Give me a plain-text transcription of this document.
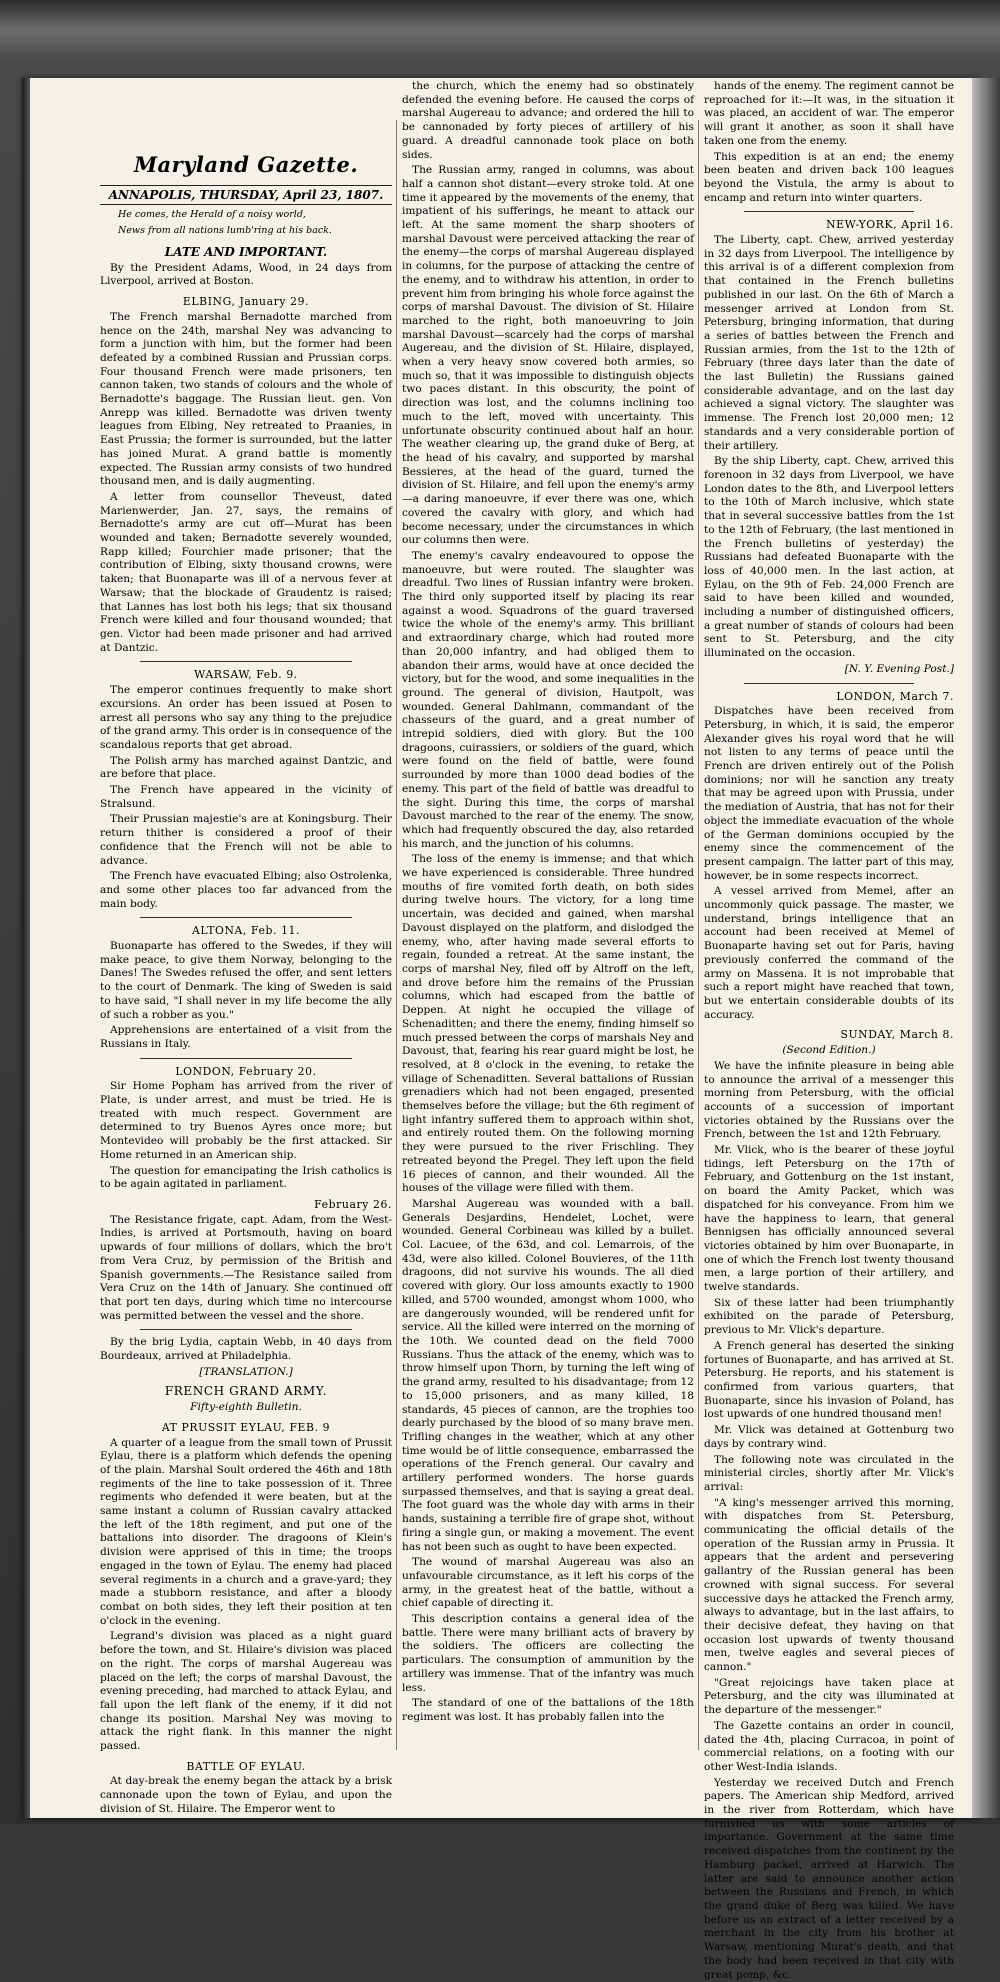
Maryland Gazette.
ANNAPOLIS, THURSDAY, April 23, 1807.
He comes, the Herald of a noisy world,
News from all nations lumb'ring at his back.
LATE AND IMPORTANT.

By the President Adams, Wood, in 24 days from Liverpool, arrived at Boston.

ELBING, January 29.

The French marshal Bernadotte marched from hence on the 24th, marshal Ney was advancing to form a junction with him, but the former had been defeated by a combined Russian and Prussian corps. Four thousand French were made prisoners, ten cannon taken, two stands of colours and the whole of Bernadotte's baggage. The Russian lieut. gen. Von Anrepp was killed. Bernadotte was driven twenty leagues from Elbing, Ney retreated to Praanies, in East Prussia; the former is surrounded, but the latter has joined Murat. A grand battle is momently expected. The Russian army consists of two hundred thousand men, and is daily augmenting.

A letter from counsellor Theveust, dated Marienwerder, Jan. 27, says, the remains of Bernadotte's army are cut off—Murat has been wounded and taken; Bernadotte severely wounded, Rapp killed; Fourchier made prisoner; that the contribution of Elbing, sixty thousand crowns, were taken; that Buonaparte was ill of a nervous fever at Warsaw; that the blockade of Graudentz is raised; that Lannes has lost both his legs; that six thousand French were killed and four thousand wounded; that gen. Victor had been made prisoner and had arrived at Dantzic.

WARSAW, Feb. 9.

The emperor continues frequently to make short excursions. An order has been issued at Posen to arrest all persons who say any thing to the prejudice of the grand army. This order is in consequence of the scandalous reports that get abroad.

The Polish army has marched against Dantzic, and are before that place.

The French have appeared in the vicinity of Stralsund.

Their Prussian majestie's are at Koningsburg. Their return thither is considered a proof of their confidence that the French will not be able to advance.

The French have evacuated Elbing; also Ostrolenka, and some other places too far advanced from the main body.

ALTONA, Feb. 11.

Buonaparte has offered to the Swedes, if they will make peace, to give them Norway, belonging to the Danes! The Swedes refused the offer, and sent letters to the court of Denmark. The king of Sweden is said to have said, "I shall never in my life become the ally of such a robber as you."

Apprehensions are entertained of a visit from the Russians in Italy.

LONDON, February 20.

Sir Home Popham has arrived from the river of Plate, is under arrest, and must be tried. He is treated with much respect. Government are determined to try Buenos Ayres once more; but Montevideo will probably be the first attacked. Sir Home returned in an American ship.

The question for emancipating the Irish catholics is to be again agitated in parliament.

February 26.

The Resistance frigate, capt. Adam, from the West-Indies, is arrived at Portsmouth, having on board upwards of four millions of dollars, which the bro't from Vera Cruz, by permission of the British and Spanish governments.—The Resistance sailed from Vera Cruz on the 14th of January. She continued off that port ten days, during which time no intercourse was permitted between the vessel and the shore.

By the brig Lydia, captain Webb, in 40 days from Bourdeaux, arrived at Philadelphia.

[TRANSLATION.]
FRENCH GRAND ARMY.
Fifty-eighth Bulletin.
AT PRUSSIT EYLAU, FEB. 9

A quarter of a league from the small town of Prussit Eylau, there is a platform which defends the opening of the plain. Marshal Soult ordered the 46th and 18th regiments of the line to take possession of it. Three regiments who defended it were beaten, but at the same instant a column of Russian cavalry attacked the left of the 18th regiment, and put one of the battalions into disorder. The dragoons of Klein's division were apprised of this in time; the troops engaged in the town of Eylau. The enemy had placed several regiments in a church and a grave-yard; they made a stubborn resistance, and after a bloody combat on both sides, they left their position at ten o'clock in the evening.

Legrand's division was placed as a night guard before the town, and St. Hilaire's division was placed on the right. The corps of marshal Augereau was placed on the left; the corps of marshal Davoust, the evening preceding, had marched to attack Eylau, and fall upon the left flank of the enemy, if it did not change its position. Marshal Ney was moving to attack the right flank. In this manner the night passed.

BATTLE OF EYLAU.

At day-break the enemy began the attack by a brisk cannonade upon the town of Eylau, and upon the division of St. Hilaire. The Emperor went to

the church, which the enemy had so obstinately defended the evening before. He caused the corps of marshal Augereau to advance; and ordered the hill to be cannonaded by forty pieces of artillery of his guard. A dreadful cannonade took place on both sides.

The Russian army, ranged in columns, was about half a cannon shot distant—every stroke told. At one time it appeared by the movements of the enemy, that impatient of his sufferings, he meant to attack our left. At the same moment the sharp shooters of marshal Davoust were perceived attacking the rear of the enemy—the corps of marshal Augereau displayed in columns, for the purpose of attacking the centre of the enemy, and to withdraw his attention, in order to prevent him from bringing his whole force against the corps of marshal Davoust. The division of St. Hilaire marched to the right, both manoeuvring to join marshal Davoust—scarcely had the corps of marshal Augereau, and the division of St. Hilaire, displayed, when a very heavy snow covered both armies, so much so, that it was impossible to distinguish objects two paces distant. In this obscurity, the point of direction was lost, and the columns inclining too much to the left, moved with uncertainty. This unfortunate obscurity continued about half an hour. The weather clearing up, the grand duke of Berg, at the head of his cavalry, and supported by marshal Bessieres, at the head of the guard, turned the division of St. Hilaire, and fell upon the enemy's army—a daring manoeuvre, if ever there was one, which covered the cavalry with glory, and which had become necessary, under the circumstances in which our columns then were.

The enemy's cavalry endeavoured to oppose the manoeuvre, but were routed. The slaughter was dreadful. Two lines of Russian infantry were broken. The third only supported itself by placing its rear against a wood. Squadrons of the guard traversed twice the whole of the enemy's army. This brilliant and extraordinary charge, which had routed more than 20,000 infantry, and had obliged them to abandon their arms, would have at once decided the victory, but for the wood, and some inequalities in the ground. The general of division, Hautpolt, was wounded. General Dahlmann, commandant of the chasseurs of the guard, and a great number of intrepid soldiers, died with glory. But the 100 dragoons, cuirassiers, or soldiers of the guard, which were found on the field of battle, were found surrounded by more than 1000 dead bodies of the enemy. This part of the field of battle was dreadful to the sight. During this time, the corps of marshal Davoust marched to the rear of the enemy. The snow, which had frequently obscured the day, also retarded his march, and the junction of his columns.

The loss of the enemy is immense; and that which we have experienced is considerable. Three hundred mouths of fire vomited forth death, on both sides during twelve hours. The victory, for a long time uncertain, was decided and gained, when marshal Davoust displayed on the platform, and dislodged the enemy, who, after having made several efforts to regain, founded a retreat. At the same instant, the corps of marshal Ney, filed off by Altroff on the left, and drove before him the remains of the Prussian columns, which had escaped from the battle of Deppen. At night he occupied the village of Schenaditten; and there the enemy, finding himself so much pressed between the corps of marshals Ney and Davoust, that, fearing his rear guard might be lost, he resolved, at 8 o'clock in the evening, to retake the village of Schenaditten. Several battalions of Russian grenadiers which had not been engaged, presented themselves before the village; but the 6th regiment of light infantry suffered them to approach within shot, and entirely routed them. On the following morning they were pursued to the river Frischling. They retreated beyond the Pregel. They left upon the field 16 pieces of cannon, and their wounded. All the houses of the village were filled with them.

Marshal Augereau was wounded with a ball. Generals Desjardins, Hendelet, Lochet, were wounded. General Corbineau was killed by a bullet. Col. Lacuee, of the 63d, and col. Lemarrois, of the 43d, were also killed. Colonel Bouvieres, of the 11th dragoons, did not survive his wounds. The all died covered with glory. Our loss amounts exactly to 1900 killed, and 5700 wounded, amongst whom 1000, who are dangerously wounded, will be rendered unfit for service. All the killed were interred on the morning of the 10th. We counted dead on the field 7000 Russians. Thus the attack of the enemy, which was to throw himself upon Thorn, by turning the left wing of the grand army, resulted to his disadvantage; from 12 to 15,000 prisoners, and as many killed, 18 standards, 45 pieces of cannon, are the trophies too dearly purchased by the blood of so many brave men. Trifling changes in the weather, which at any other time would be of little consequence, embarrassed the operations of the French general. Our cavalry and artillery performed wonders. The horse guards surpassed themselves, and that is saying a great deal. The foot guard was the whole day with arms in their hands, sustaining a terrible fire of grape shot, without firing a single gun, or making a movement. The event has not been such as ought to have been expected.

The wound of marshal Augereau was also an unfavourable circumstance, as it left his corps of the army, in the greatest heat of the battle, without a chief capable of directing it.

This description contains a general idea of the battle. There were many brilliant acts of bravery by the soldiers. The officers are collecting the particulars. The consumption of ammunition by the artillery was immense. That of the infantry was much less.

The standard of one of the battalions of the 18th regiment was lost. It has probably fallen into the

hands of the enemy. The regiment cannot be reproached for it:—It was, in the situation it was placed, an accident of war. The emperor will grant it another, as soon it shall have taken one from the enemy.

This expedition is at an end; the enemy been beaten and driven back 100 leagues beyond the Vistula, the army is about to encamp and return into winter quarters.

NEW-YORK, April 16.

The Liberty, capt. Chew, arrived yesterday in 32 days from Liverpool. The intelligence by this arrival is of a different complexion from that contained in the French bulletins published in our last. On the 6th of March a messenger arrived at London from St. Petersburg, bringing information, that during a series of battles between the French and Russian armies, from the 1st to the 12th of February (three days later than the date of the last Bulletin) the Russians gained considerable advantage, and on the last day achieved a signal victory. The slaughter was immense. The French lost 20,000 men; 12 standards and a very considerable portion of their artillery.

By the ship Liberty, capt. Chew, arrived this forenoon in 32 days from Liverpool, we have London dates to the 8th, and Liverpool letters to the 10th of March inclusive, which state that in several successive battles from the 1st to the 12th of February, (the last mentioned in the French bulletins of yesterday) the Russians had defeated Buonaparte with the loss of 40,000 men. In the last action, at Eylau, on the 9th of Feb. 24,000 French are said to have been killed and wounded, including a number of distinguished officers, a great number of stands of colours had been sent to St. Petersburg, and the city illuminated on the occasion.

[N. Y. Evening Post.]
LONDON, March 7.

Dispatches have been received from Petersburg, in which, it is said, the emperor Alexander gives his royal word that he will not listen to any terms of peace until the French are driven entirely out of the Polish dominions; nor will he sanction any treaty that may be agreed upon with Prussia, under the mediation of Austria, that has not for their object the immediate evacuation of the whole of the German dominions occupied by the enemy since the commencement of the present campaign. The latter part of this may, however, be in some respects incorrect.

A vessel arrived from Memel, after an uncommonly quick passage. The master, we understand, brings intelligence that an account had been received at Memel of Buonaparte having set out for Paris, having previously conferred the command of the army on Massena. It is not improbable that such a report might have reached that town, but we entertain considerable doubts of its accuracy.

SUNDAY, March 8.
(Second Edition.)

We have the infinite pleasure in being able to announce the arrival of a messenger this morning from Petersburg, with the official accounts of a succession of important victories obtained by the Russians over the French, between the 1st and 12th February.

Mr. Vlick, who is the bearer of these joyful tidings, left Petersburg on the 17th of February, and Gottenburg on the 1st instant, on board the Amity Packet, which was dispatched for his conveyance. From him we have the happiness to learn, that general Bennigsen has officially announced several victories obtained by him over Buonaparte, in one of which the French lost twenty thousand men, a large portion of their artillery, and twelve standards.

Six of these latter had been triumphantly exhibited on the parade of Petersburg, previous to Mr. Vlick's departure.

A French general has deserted the sinking fortunes of Buonaparte, and has arrived at St. Petersburg. He reports, and his statement is confirmed from various quarters, that Buonaparte, since his invasion of Poland, has lost upwards of one hundred thousand men!

Mr. Vlick was detained at Gottenburg two days by contrary wind.

The following note was circulated in the ministerial circles, shortly after Mr. Vlick's arrival:

"A king's messenger arrived this morning, with dispatches from St. Petersburg, communicating the official details of the operation of the Russian army in Prussia. It appears that the ardent and persevering gallantry of the Russian general has been crowned with signal success. For several successive days he attacked the French army, always to advantage, but in the last affairs, to their decisive defeat, they having on that occasion lost upwards of twenty thousand men, twelve eagles and several pieces of cannon."

"Great rejoicings have taken place at Petersburg, and the city was illuminated at the departure of the messenger."

The Gazette contains an order in council, dated the 4th, placing Curracoa, in point of commercial relations, on a footing with our other West-India islands.

Yesterday we received Dutch and French papers. The American ship Medford, arrived in the river from Rotterdam, which have furnished us with some articles of importance. Government at the same time received dispatches from the continent by the Hamburg packet, arrived at Harwich. The latter are said to announce another action between the Russians and French, in which the grand duke of Berg was killed. We have before us an extract of a letter received by a merchant in the city from his brother at Warsaw, mentioning Murat's death, and that the body had been received in that city with great pomp, &c.
